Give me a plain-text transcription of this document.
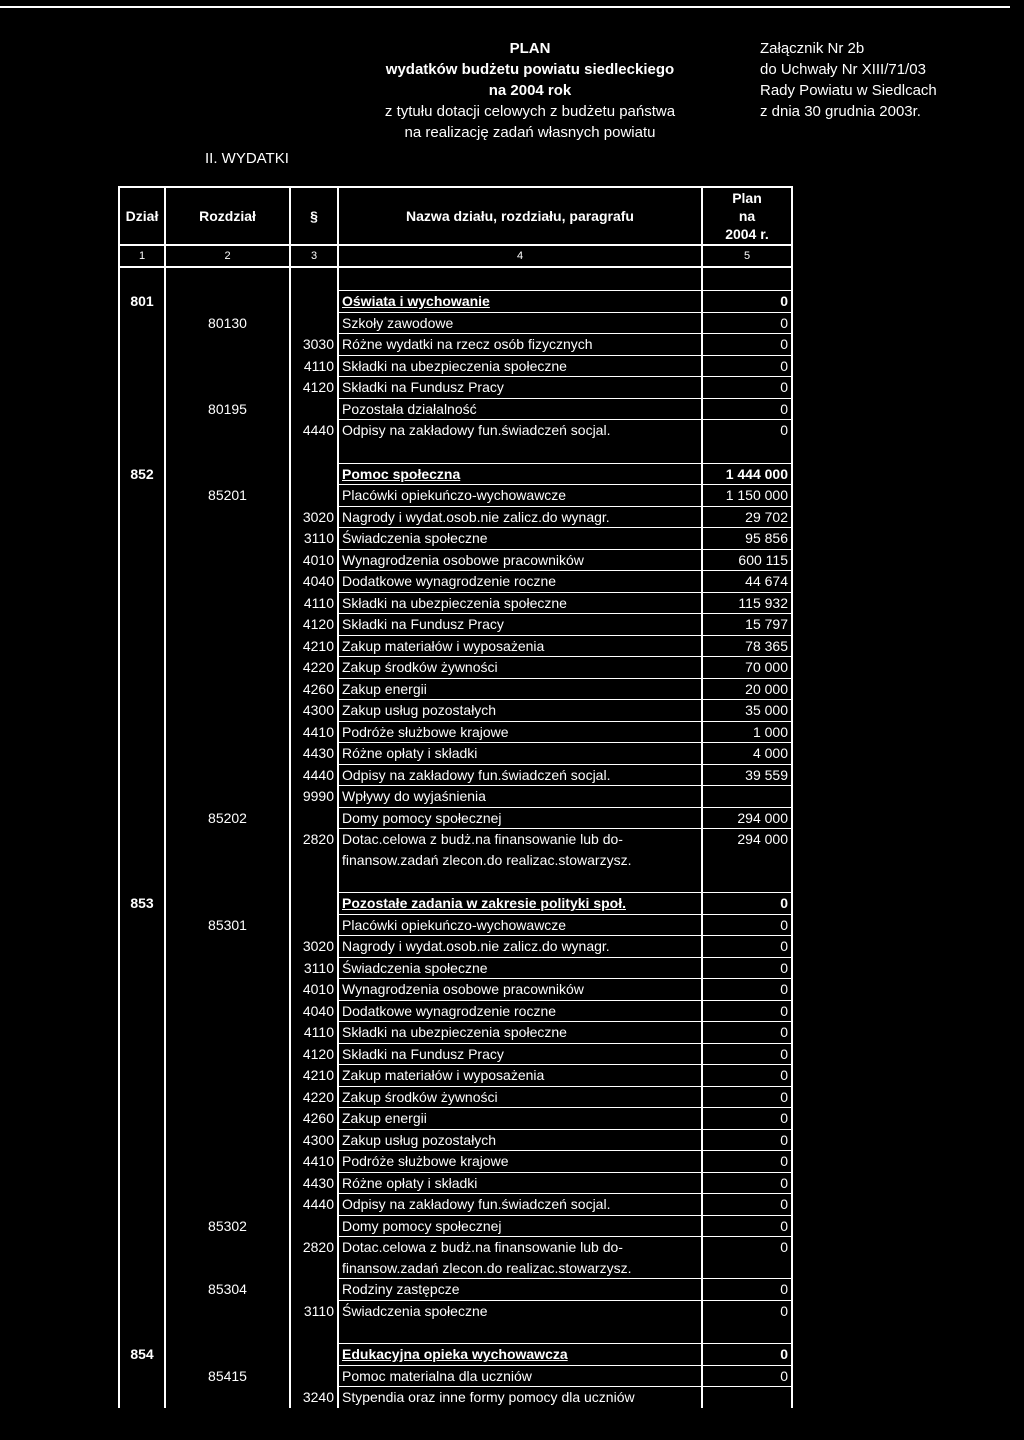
PLAN
wydatków budżetu powiatu siedleckiego
na 2004 rok
z tytułu dotacji celowych z budżetu państwa
na realizację zadań własnych powiatu
Załącznik Nr 2b
do Uchwały Nr XIII/71/03
Rady Powiatu w Siedlcach
z dnia 30 grudnia 2003r.
II. WYDATKI
Dział	Rozdział	§	Nazwa działu, rozdziału, paragrafu	Plan
na
2004 r.

1	2	3	4	5

801			Oświata i wychowanie	0
	80130		Szkoły zawodowe	0
		3030	Różne wydatki na rzecz osób fizycznych	0
		4110	Składki na ubezpieczenia społeczne	0
		4120	Składki na Fundusz Pracy	0
	80195		Pozostała działalność	0
		4440	Odpisy na zakładowy fun.świadczeń socjal.	0

852			Pomoc społeczna	1 444 000
	85201		Placówki opiekuńczo-wychowawcze	1 150 000
		3020	Nagrody i wydat.osob.nie zalicz.do wynagr.	29 702
		3110	Świadczenia społeczne	95 856
		4010	Wynagrodzenia osobowe pracowników	600 115
		4040	Dodatkowe wynagrodzenie roczne	44 674
		4110	Składki na ubezpieczenia społeczne	115 932
		4120	Składki na Fundusz Pracy	15 797
		4210	Zakup materiałów i wyposażenia	78 365
		4220	Zakup środków żywności	70 000
		4260	Zakup energii	20 000
		4300	Zakup usług pozostałych	35 000
		4410	Podróże służbowe krajowe	1 000
		4430	Różne opłaty i składki	4 000
		4440	Odpisy na zakładowy fun.świadczeń socjal.	39 559
		9990	Wpływy do wyjaśnienia	
	85202		Domy pomocy społecznej	294 000
		2820	Dotac.celowa z budż.na finansowanie lub do-	294 000
			finansow.zadań zlecon.do realizac.stowarzysz.	

853			Pozostałe zadania w zakresie polityki społ.	0
	85301		Placówki opiekuńczo-wychowawcze	0
		3020	Nagrody i wydat.osob.nie zalicz.do wynagr.	0
		3110	Świadczenia społeczne	0
		4010	Wynagrodzenia osobowe pracowników	0
		4040	Dodatkowe wynagrodzenie roczne	0
		4110	Składki na ubezpieczenia społeczne	0
		4120	Składki na Fundusz Pracy	0
		4210	Zakup materiałów i wyposażenia	0
		4220	Zakup środków żywności	0
		4260	Zakup energii	0
		4300	Zakup usług pozostałych	0
		4410	Podróże służbowe krajowe	0
		4430	Różne opłaty i składki	0
		4440	Odpisy na zakładowy fun.świadczeń socjal.	0
	85302		Domy pomocy społecznej	0
		2820	Dotac.celowa z budż.na finansowanie lub do-	0
			finansow.zadań zlecon.do realizac.stowarzysz.	
	85304		Rodziny zastępcze	0
		3110	Świadczenia społeczne	0

854			Edukacyjna opieka wychowawcza	0
	85415		Pomoc materialna dla uczniów	0
		3240	Stypendia oraz inne formy pomocy dla uczniów	
